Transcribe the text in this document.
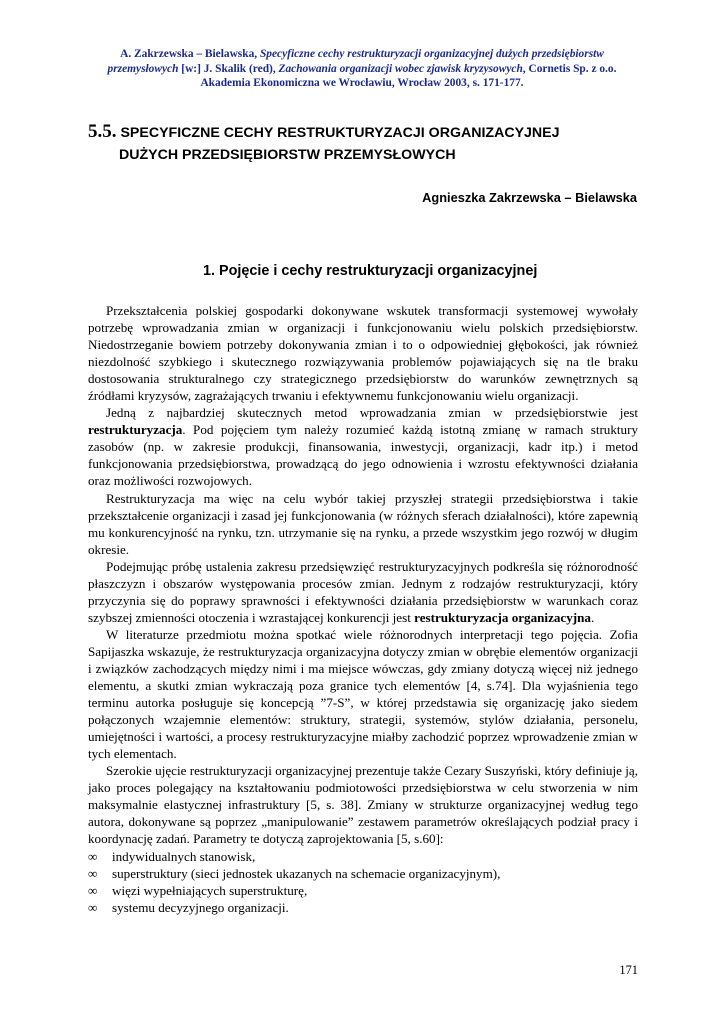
A. Zakrzewska – Bielawska, Specyficzne cechy restrukturyzacji organizacyjnej dużych przedsiębiorstw
przemysłowych [w:] J. Skalik (red), Zachowania organizacji wobec zjawisk kryzysowych, Cornetis Sp. z o.o.
Akademia Ekonomiczna we Wrocławiu, Wrocław 2003, s. 171-177.
5.5. SPECYFICZNE CECHY RESTRUKTURYZACJI ORGANIZACYJNEJ
DUŻYCH PRZEDSIĘBIORSTW PRZEMYSŁOWYCH
Agnieszka Zakrzewska – Bielawska
1. Pojęcie i cechy restrukturyzacji organizacyjnej

Przekształcenia polskiej gospodarki dokonywane wskutek transformacji systemowej wywołały potrzebę wprowadzania zmian w organizacji i funkcjonowaniu wielu polskich przedsiębiorstw. Niedostrzeganie bowiem potrzeby dokonywania zmian i to o odpowiedniej głębokości, jak również niezdolność szybkiego i skutecznego rozwiązywania problemów pojawiających się na tle braku dostosowania strukturalnego czy strategicznego przedsiębiorstw do warunków zewnętrznych są źródłami kryzysów, zagrażających trwaniu i efektywnemu funkcjonowaniu wielu organizacji.

Jedną z najbardziej skutecznych metod wprowadzania zmian w przedsiębiorstwie jest restrukturyzacja. Pod pojęciem tym należy rozumieć każdą istotną zmianę w ramach struktury zasobów (np. w zakresie produkcji, finansowania, inwestycji, organizacji, kadr itp.) i metod funkcjonowania przedsiębiorstwa, prowadzącą do jego odnowienia i wzrostu efektywności działania oraz możliwości rozwojowych.

Restrukturyzacja ma więc na celu wybór takiej przyszłej strategii przedsiębiorstwa i takie przekształcenie organizacji i zasad jej funkcjonowania (w różnych sferach działalności), które zapewnią mu konkurencyjność na rynku, tzn. utrzymanie się na rynku, a przede wszystkim jego rozwój w długim okresie.

Podejmując próbę ustalenia zakresu przedsięwzięć restrukturyzacyjnych podkreśla się różnorodność płaszczyzn i obszarów występowania procesów zmian. Jednym z rodzajów restrukturyzacji, który przyczynia się do poprawy sprawności i efektywności działania przedsiębiorstw w warunkach coraz szybszej zmienności otoczenia i wzrastającej konkurencji jest restrukturyzacja organizacyjna.

W literaturze przedmiotu można spotkać wiele różnorodnych interpretacji tego pojęcia. Zofia Sapijaszka wskazuje, że restrukturyzacja organizacyjna dotyczy zmian w obrębie elementów organizacji i związków zachodzących między nimi i ma miejsce wówczas, gdy zmiany dotyczą więcej niż jednego elementu, a skutki zmian wykraczają poza granice tych elementów [4, s.74]. Dla wyjaśnienia tego terminu autorka posługuje się koncepcją ”7-S”, w której przedstawia się organizację jako siedem połączonych wzajemnie elementów: struktury, strategii, systemów, stylów działania, personelu, umiejętności i wartości, a procesy restrukturyzacyjne miałby zachodzić poprzez wprowadzenie zmian w tych elementach.

Szerokie ujęcie restrukturyzacji organizacyjnej prezentuje także Cezary Suszyński, który definiuje ją, jako proces polegający na kształtowaniu podmiotowości przedsiębiorstwa w celu stworzenia w nim maksymalnie elastycznej infrastruktury [5, s. 38]. Zmiany w strukturze organizacyjnej według tego autora, dokonywane są poprzez „manipulowanie” zestawem parametrów określających podział pracy i koordynację zadań. Parametry te dotyczą zaprojektowania [5, s.60]:

∞ indywidualnych stanowisk,
∞ superstruktury (sieci jednostek ukazanych na schemacie organizacyjnym),
∞ więzi wypełniających superstrukturę,
∞ systemu decyzyjnego organizacji.
171
